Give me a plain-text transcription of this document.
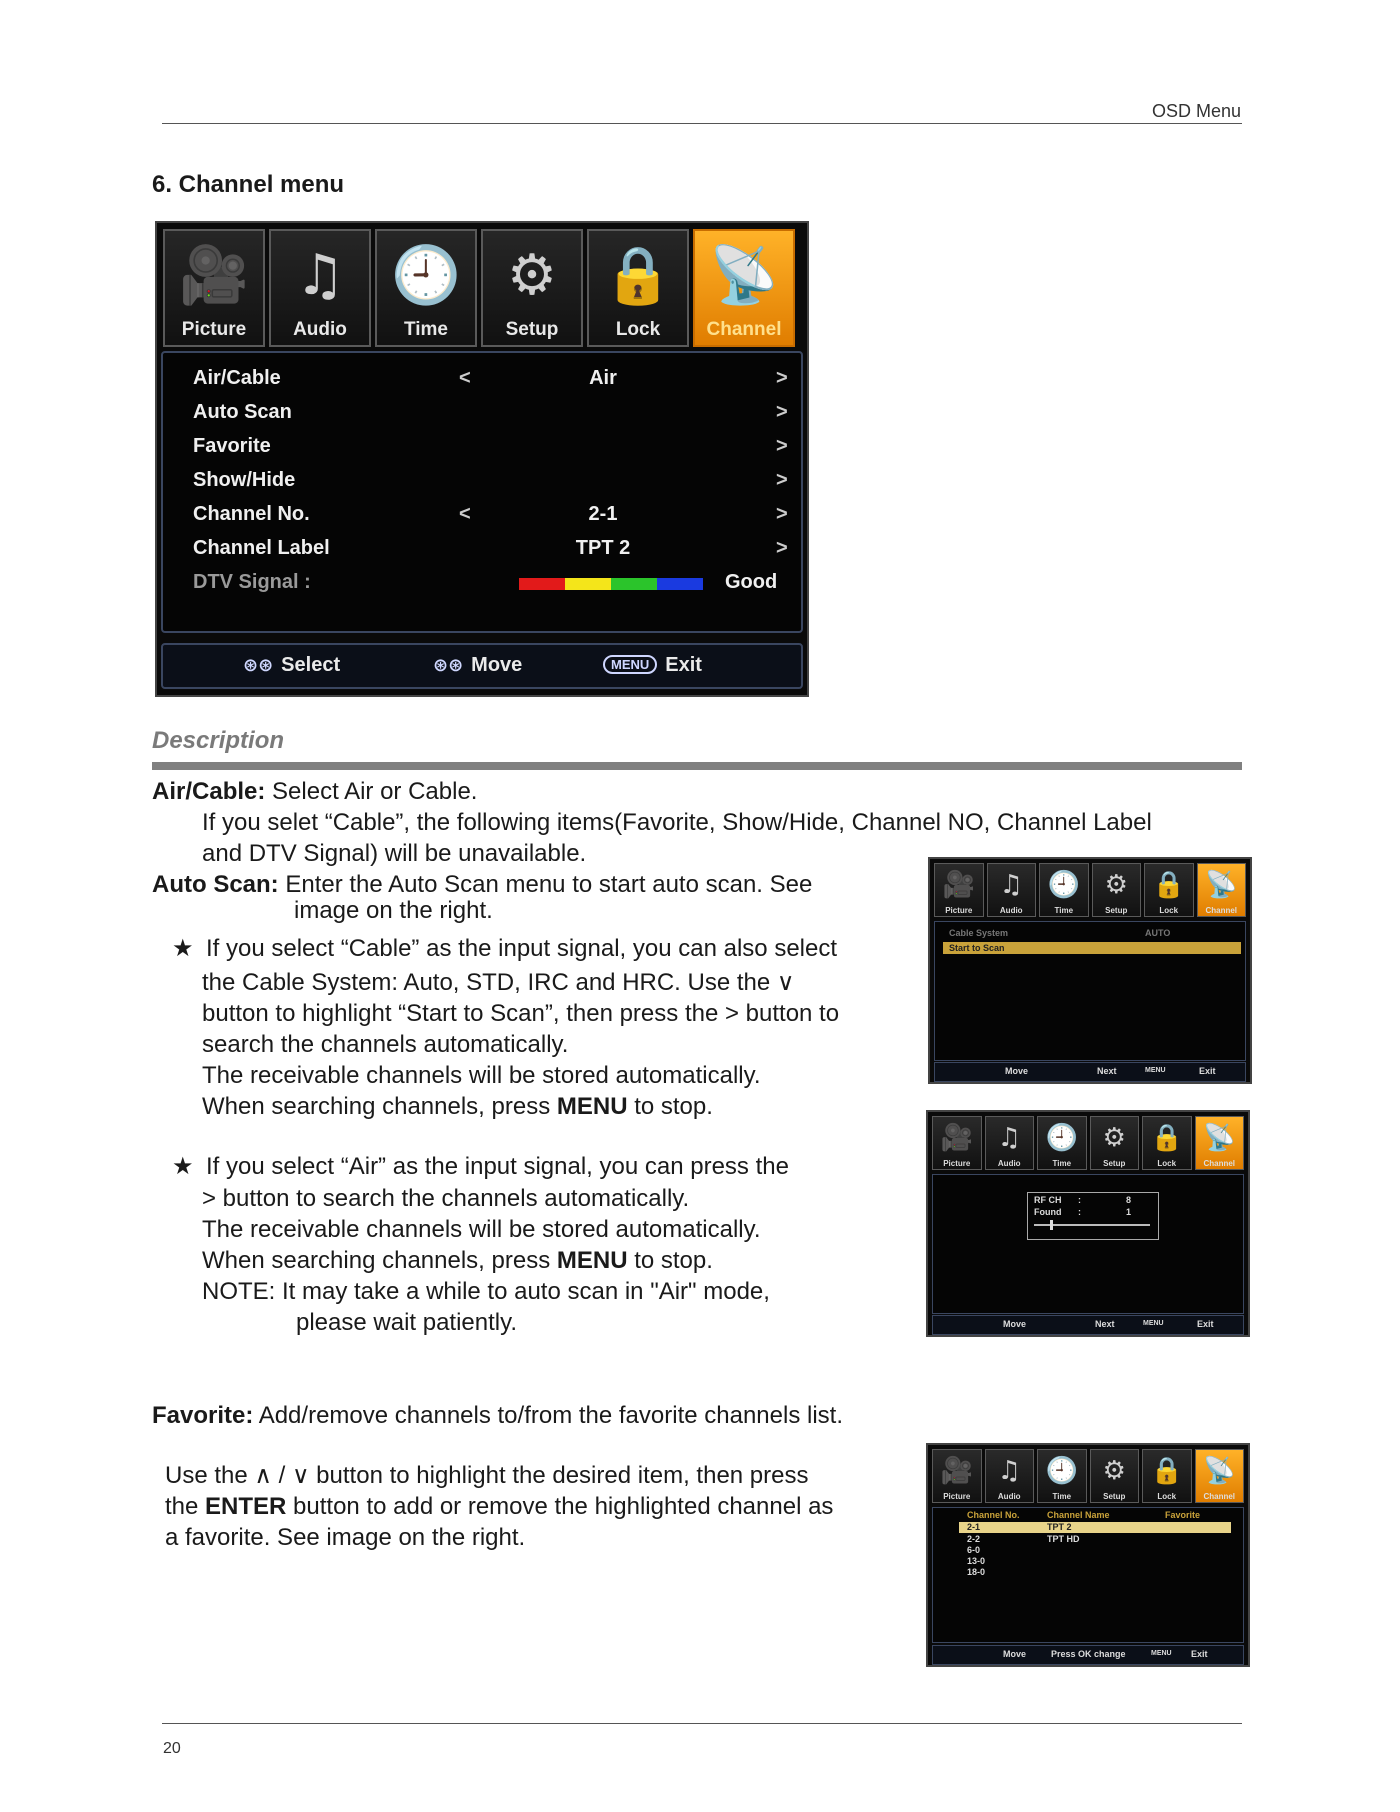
OSD Menu
6. Channel menu
🎥
Picture
♫
Audio
🕘
Time
⚙
Setup
🔒
Lock
📡
Channel
Air/Cable	<	Air	>
Auto Scan	>
Favorite	>
Show/Hide	>
Channel No.	<	2-1	>
Channel Label	TPT 2	>
DTV Signal :	Good
⊛⊛ Select	⊛⊛ Move	MENU Exit
Description
Air/Cable: Select Air or Cable.
If you selet “Cable”, the following items(Favorite, Show/Hide, Channel NO, Channel Label
and DTV Signal) will be unavailable.
Auto Scan: Enter the Auto Scan menu to start auto scan. See
image on the right.
★ If you select “Cable” as the input signal, you can also select
the Cable System: Auto, STD, IRC and HRC. Use the ∨
button to highlight “Start to Scan”, then press the > button to
search the channels automatically.
The receivable channels will be stored automatically.
When searching channels, press MENU to stop.
★ If you select “Air” as the input signal, you can press the
> button to search the channels automatically.
The receivable channels will be stored automatically.
When searching channels, press MENU to stop.
NOTE: It may take a while to auto scan in "Air" mode,
please wait patiently.
Favorite: Add/remove channels to/from the favorite channels list.
Use the ∧ / ∨ button to highlight the desired item, then press
the ENTER button to add or remove the highlighted channel as
a favorite. See image on the right.
🎥
Picture
♫
Audio
🕘
Time
⚙
Setup
🔒
Lock
📡
Channel
Cable System	AUTO
Start to Scan
Move	Next	MENU	Exit
🎥
Picture
♫
Audio
🕘
Time
⚙
Setup
🔒
Lock
📡
Channel
RF CH :	8
Found :	1
Move	Next	MENU	Exit
🎥
Picture
♫
Audio
🕘
Time
⚙
Setup
🔒
Lock
📡
Channel
Channel No.	Channel Name	Favorite
2-1	TPT 2
2-2	TPT HD
6-0
13-0
18-0
Move	Press OK change	MENU Exit
20
